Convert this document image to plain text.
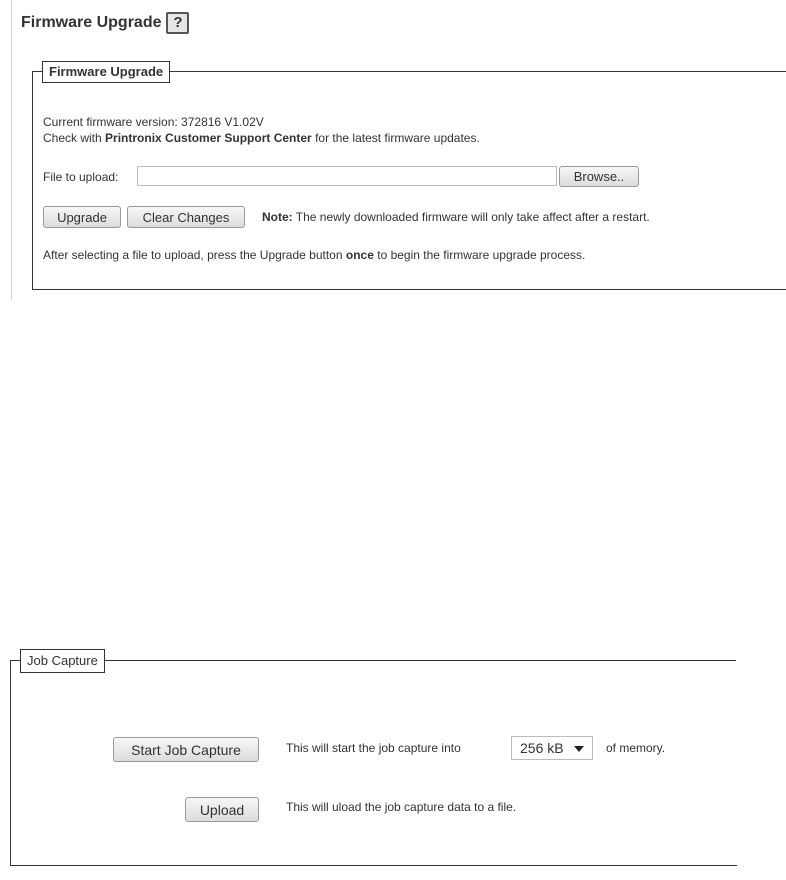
Firmware Upgrade ?
Firmware Upgrade
Current firmware version: 372816 V1.02V
Check with Printronix Customer Support Center for the latest firmware updates.
File to upload:	Browse..
Upgrade	Clear Changes	Note: The newly downloaded firmware will only take affect after a restart.
After selecting a file to upload, press the Upgrade button once to begin the firmware upgrade process.
Job Capture
Start Job Capture	This will start the job capture into	256 kB	of memory.
Upload	This will uload the job capture data to a file.
